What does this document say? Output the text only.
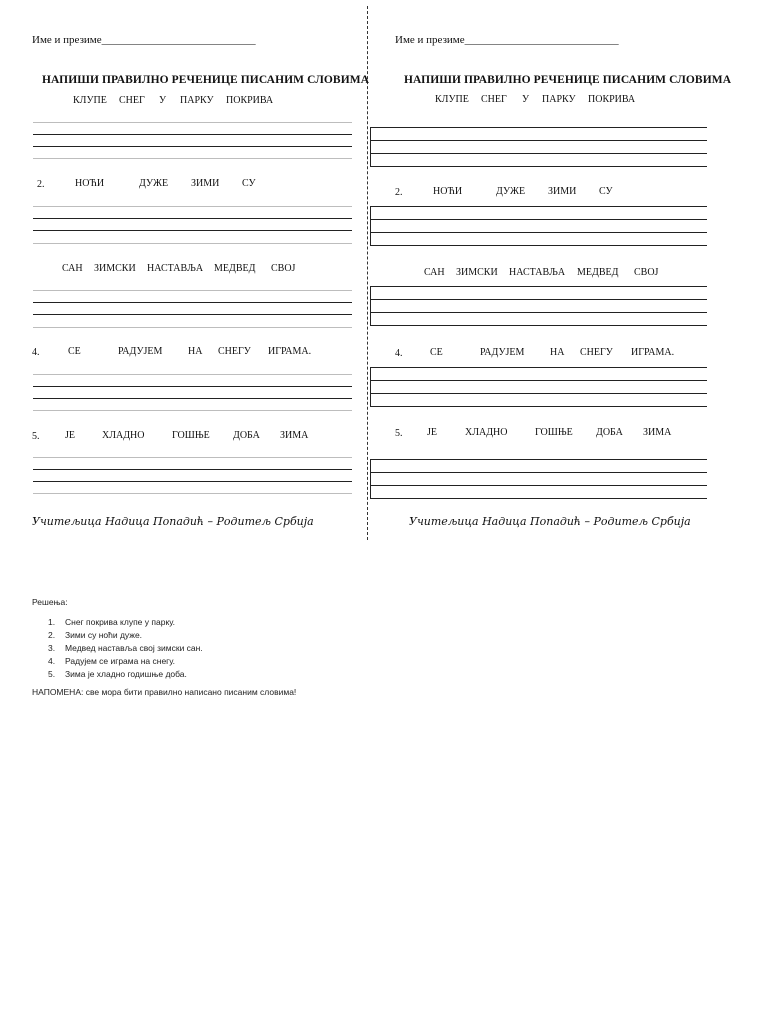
Име и презиме____________________________
НАПИШИ ПРАВИЛНО РЕЧЕНИЦЕ ПИСАНИМ СЛОВИМА
КЛУПЕ СНЕГ У ПАРКУ ПОКРИВА
2.	НОЋИ	ДУЖЕ ЗИМИ СУ
САН ЗИМСКИ НАСТАВЉА МЕДВЕД СВОЈ
4.	СЕ	РАДУЈЕМ	НА СНЕГУ ИГРАМА.
5.	ЈЕ	ХЛАДНО	ГОШЊЕ ДОБА ЗИМА
Учитељица Надица Попадић – Родитељ Србија
Име и презиме____________________________
НАПИШИ ПРАВИЛНО РЕЧЕНИЦЕ ПИСАНИМ СЛОВИМА
КЛУПЕ СНЕГ У ПАРКУ ПОКРИВА
2.	НОЋИ	ДУЖЕ ЗИМИ СУ
САН ЗИМСКИ НАСТАВЉА МЕДВЕД СВОЈ
4.	СЕ	РАДУЈЕМ	НА СНЕГУ ИГРАМА.
5. ЈЕ	ХЛАДНО	ГОШЊЕ ДОБА ЗИМА
Учитељица Надица Попадић – Родитељ Србија
Решења:
1. Снег покрива клупе у парку.
2. Зими су ноћи дуже.
3. Медвед наставља свој зимски сан.
4. Радујем се играма на снегу.
5. Зима је хладно годишње доба.
НАПОМЕНА: све мора бити правилно написано писаним словима!
